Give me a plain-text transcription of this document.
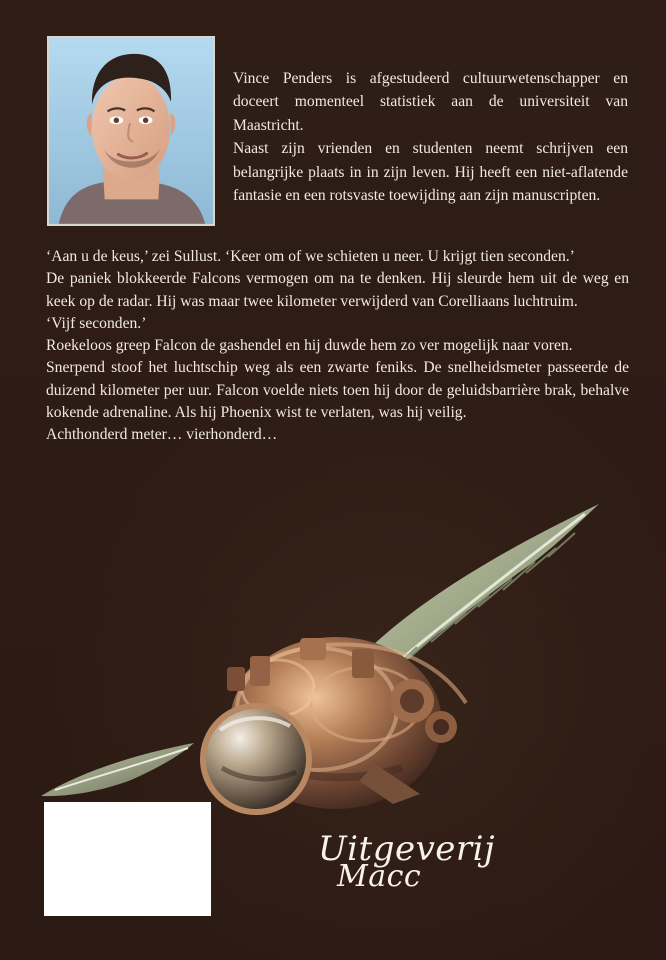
Vince Penders is afgestudeerd cultuurwetenschapper en doceert momenteel statistiek aan de universiteit van Maastricht.

Naast zijn vrienden en studenten neemt schrijven een belangrijke plaats in in zijn leven. Hij heeft een niet-aflatende fantasie en een rotsvaste toewijding aan zijn manuscripten.

‘Aan u de keus,’ zei Sullust. ‘Keer om of we schieten u neer. U krijgt tien seconden.’

De paniek blokkeerde Falcons vermogen om na te denken. Hij sleurde hem uit de weg en keek op de radar. Hij was maar twee kilometer verwijderd van Corelliaans luchtruim.

‘Vijf seconden.’

Roekeloos greep Falcon de gashendel en hij duwde hem zo ver mogelijk naar voren.

Snerpend stoof het luchtschip weg als een zwarte feniks. De snelheidsmeter passeerde de duizend kilometer per uur. Falcon voelde niets toen hij door de geluidsbarrière brak, behalve kokende adrenaline. Als hij Phoenix wist te verlaten, was hij veilig.

Achthonderd meter… vierhonderd…

Uitgeverij
Macc
